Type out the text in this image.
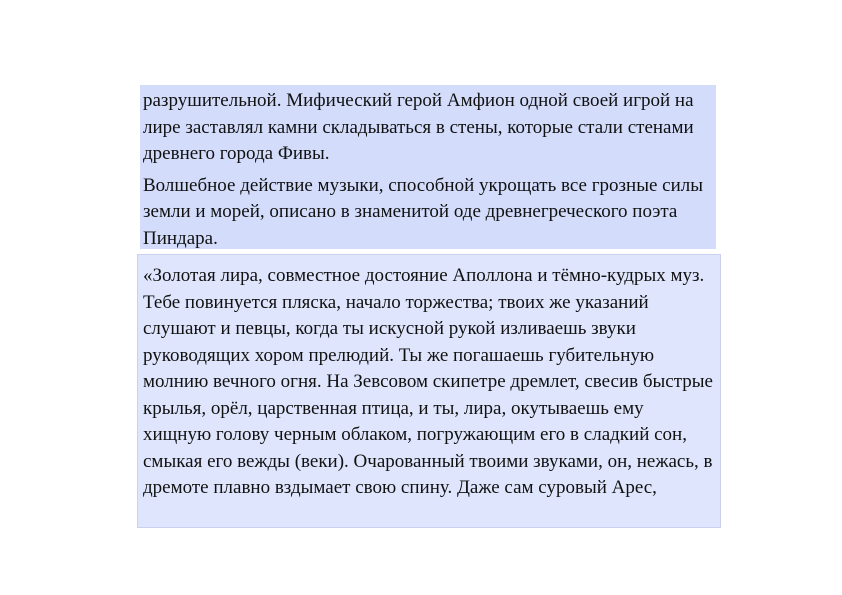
разрушительной. Мифический герой Амфион одной своей игрой на лире заставлял камни складываться в стены, которые стали стенами древнего города Фивы.

Волшебное действие музыки, способной укрощать все грозные силы земли и морей, описано в знаменитой оде древнегреческого поэта Пиндара.

«Золотая лира, совместное достояние Аполлона и тёмно-кудрых муз. Тебе повинуется пляска, начало торжества; твоих же указаний слушают и певцы, когда ты искусной рукой изливаешь звуки руководящих хором прелюдий. Ты же погашаешь губительную молнию вечного огня. На Зевсовом скипетре дремлет, свесив быстрые крылья, орёл, царственная птица, и ты, лира, окутываешь ему хищную голову черным облаком, погружающим его в сладкий сон, смыкая его вежды (веки). Очарованный твоими звуками, он, нежась, в дремоте плавно вздымает свою спину. Даже сам суровый Арес,
